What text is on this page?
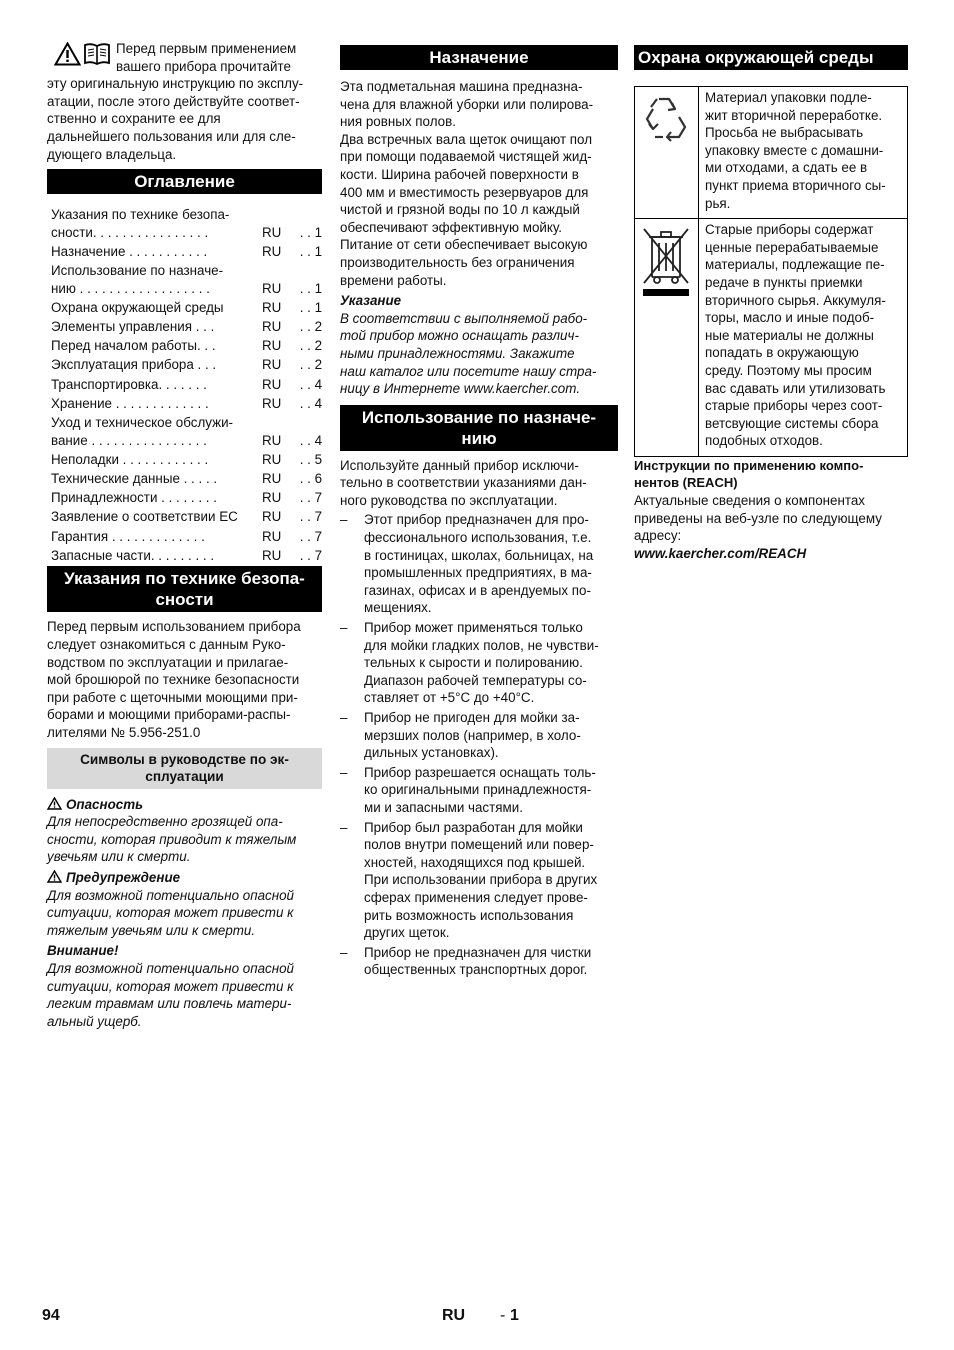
Перед первым применением

вашего прибора прочитайте

эту оригинальную инструкцию по эксплу-

атации, после этого действуйте соответ-

ственно и сохраните ее для

дальнейшего пользования или для сле-

дующего владельца.

Оглавление
Указания по технике безопа-
сности. . . . . . . . . . . . . . . .	RU	. . 1
Назначение . . . . . . . . . . .	RU	. . 1
Использование по назначе-
нию . . . . . . . . . . . . . . . . . .	RU	. . 1
Охрана окружающей среды	RU	. . 1
Элементы управления . . .	RU	. . 2
Перед началом работы. . .	RU	. . 2
Эксплуатация прибора . . .	RU	. . 2
Транспортировка. . . . . . .	RU	. . 4
Хранение . . . . . . . . . . . . .	RU	. . 4
Уход и техническое обслужи-
вание . . . . . . . . . . . . . . . .	RU	. . 4
Неполадки . . . . . . . . . . . .	RU	. . 5
Технические данные . . . . .	RU	. . 6
Принадлежности . . . . . . . .	RU	. . 7
Заявление о соответствии ЕС	RU	. . 7
Гарантия . . . . . . . . . . . . .	RU	. . 7
Запасные части. . . . . . . . .	RU	. . 7
Указания по технике безопа-
сности

Перед первым использованием прибора

следует ознакомиться с данным Руко-

водством по эксплуатации и прилагае-

мой брошюрой по технике безопасности

при работе с щеточными моющими при-

борами и моющими приборами-распы-

лителями № 5.956-251.0

Символы в руководстве по эк-
сплуатации

Опасность

Для непосредственно грозящей опа-

сности, которая приводит к тяжелым

увечьям или к смерти.

Предупреждение

Для возможной потенциально опасной

ситуации, которая может привести к

тяжелым увечьям или к смерти.

Внимание!

Для возможной потенциально опасной

ситуации, которая может привести к

легким травмам или повлечь матери-

альный ущерб.

Назначение

Эта подметальная машина предназна-

чена для влажной уборки или полирова-

ния ровных полов.

Два встречных вала щеток очищают пол

при помощи подаваемой чистящей жид-

кости. Ширина рабочей поверхности в

400 мм и вместимость резервуаров для

чистой и грязной воды по 10 л каждый

обеспечивают эффективную мойку.

Питание от сети обеспечивает высокую

производительность без ограничения

времени работы.

Указание

В соответствии с выполняемой рабо-

той прибор можно оснащать различ-

ными принадлежностями. Закажите

наш каталог или посетите нашу стра-

ницу в Интернете www.kaercher.com.

Использование по назначе-
нию

Используйте данный прибор исключи-

тельно в соответствии указаниями дан-

ного руководства по эксплуатации.

–	Этот прибор предназначен для про-

фессионального использования, т.е.

в гостиницах, школах, больницах, на

промышленных предприятиях, в ма-

газинах, офисах и в арендуемых по-

мещениях.

–	Прибор может применяться только

для мойки гладких полов, не чувстви-

тельных к сырости и полированию.

Диапазон рабочей температуры со-

ставляет от +5°C до +40°C.

–	Прибор не пригоден для мойки за-

мерзших полов (например, в холо-

дильных установках).

–	Прибор разрешается оснащать толь-

ко оригинальными принадлежностя-

ми и запасными частями.

–	Прибор был разработан для мойки

полов внутри помещений или повер-

хностей, находящихся под крышей.

При использовании прибора в других

сферах применения следует прове-

рить возможность использования

других щеток.

–	Прибор не предназначен для чистки

общественных транспортных дорог.

Охрана окружающей среды

Материал упаковки подле-

жит вторичной переработке.

Просьба не выбрасывать

упаковку вместе с домашни-

ми отходами, а сдать ее в

пункт приема вторичного сы-

рья.

Старые приборы содержат

ценные перерабатываемые

материалы, подлежащие пе-

редаче в пункты приемки

вторичного сырья. Аккумуля-

торы, масло и иные подоб-

ные материалы не должны

попадать в окружающую

среду. Поэтому мы просим

вас сдавать или утилизовать

старые приборы через соот-

ветсвующие системы сбора

подобных отходов.

Инструкции по применению компо-

нентов (REACH)

Актуальные сведения о компонентах

приведены на веб-узле по следующему

адресу:

www.kaercher.com/REACH

94	RU - 1
